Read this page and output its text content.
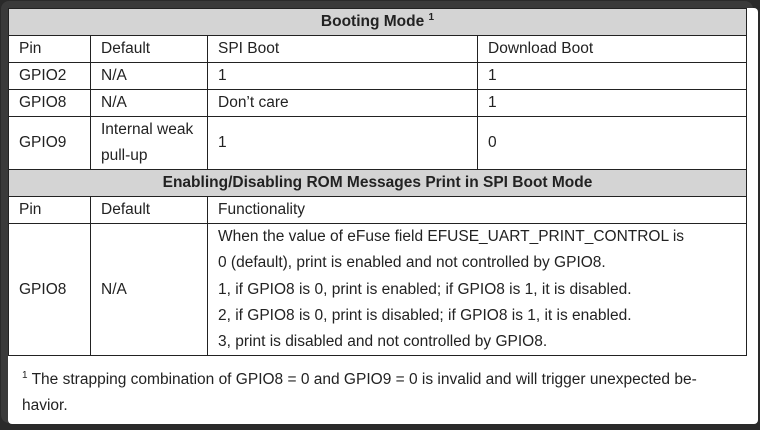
Booting Mode $^1$
Pin	Default	SPI Boot	Download Boot
GPIO2	N/A	1	1
GPIO8	N/A	Don’t care	1
GPIO9	Internal weak pull-up	1	0
Enabling/Disabling ROM Messages Print in SPI Boot Mode			
Pin	Default	Functionality	
GPIO8	N/A	When the value of eFuse field EFUSE_UART_PRINT_CONTROL is
0 (default), print is enabled and not controlled by GPIO8.
1, if GPIO8 is 0, print is enabled; if GPIO8 is 1, it is disabled.
2, if GPIO8 is 0, print is disabled; if GPIO8 is 1, it is enabled.
3, print is disabled and not controlled by GPIO8.	
$^1$ The strapping combination of GPIO8 = 0 and GPIO9 = 0 is invalid and will trigger unexpected be-
havior.
